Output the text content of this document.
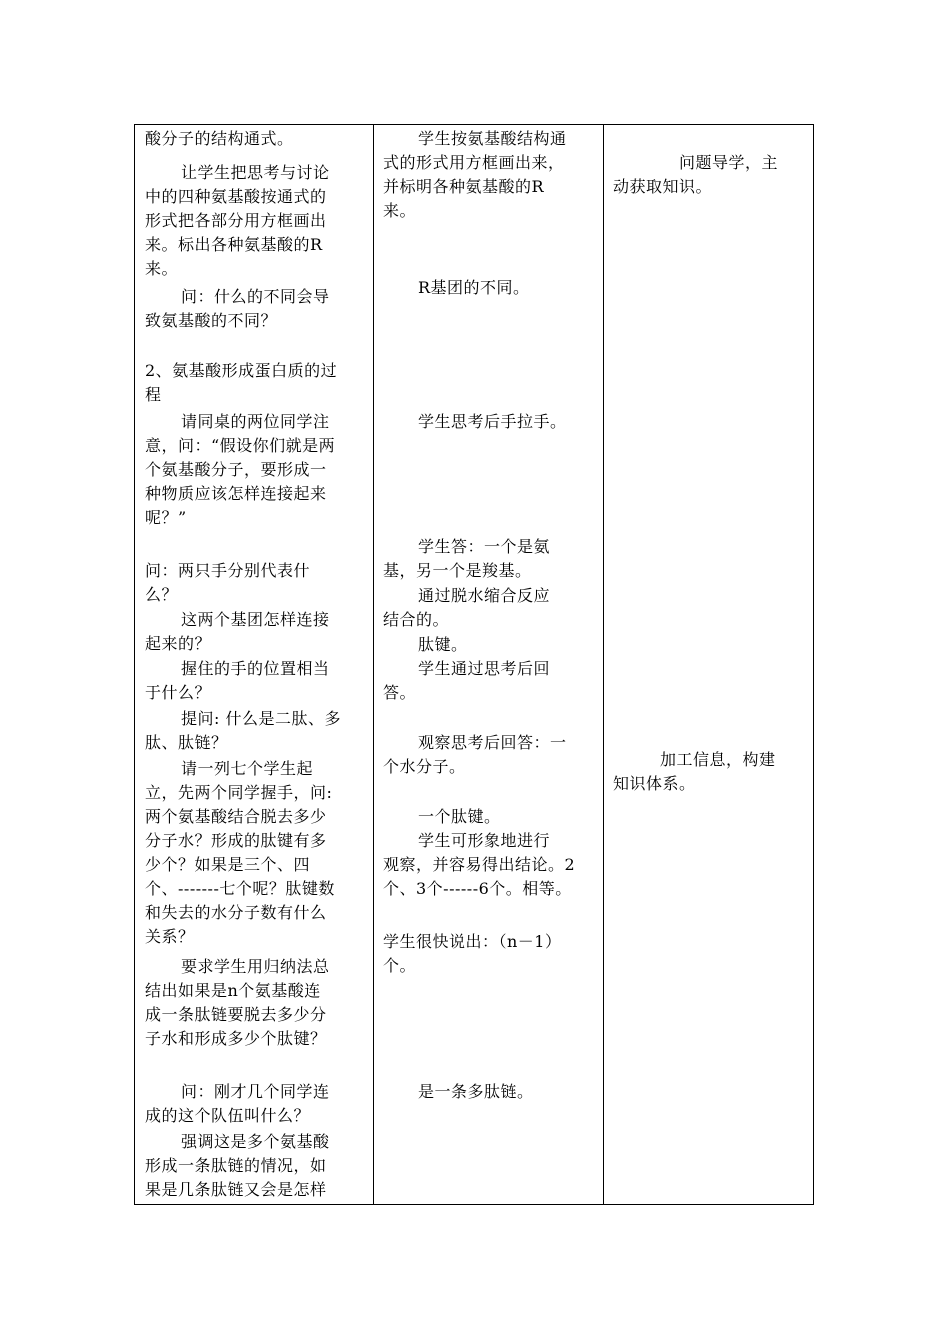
酸分子的结构通式。
让学生把思考与讨论
中的四种氨基酸按通式的
形式把各部分用方框画出
来。标出各种氨基酸的R
来。
问：什么的不同会导
致氨基酸的不同？
2、氨基酸形成蛋白质的过
程
请同桌的两位同学注
意，问：“假设你们就是两
个氨基酸分子，要形成一
种物质应该怎样连接起来
呢？”
问：两只手分别代表什
么？
这两个基团怎样连接
起来的？
握住的手的位置相当
于什么？
提问: 什么是二肽、多
肽、肽链？
请一列七个学生起
立，先两个同学握手，问:
两个氨基酸结合脱去多少
分子水？形成的肽键有多
少个？如果是三个、四
个、-------七个呢？肽键数
和失去的水分子数有什么
关系？
要求学生用归纳法总
结出如果是n个氨基酸连
成一条肽链要脱去多少分
子水和形成多少个肽键？
问：刚才几个同学连
成的这个队伍叫什么？
强调这是多个氨基酸
形成一条肽链的情况，如
果是几条肽链又会是怎样
学生按氨基酸结构通
式的形式用方框画出来，
并标明各种氨基酸的R
来。
R基团的不同。
学生思考后手拉手。
学生答：一个是氨
基，另一个是羧基。
通过脱水缩合反应
结合的。
肽键。
学生通过思考后回
答。
观察思考后回答：一
个水分子。
一个肽键。
学生可形象地进行
观察，并容易得出结论。2
个、3个------6个。相等。
学生很快说出：（n－1）
个。
是一条多肽链。
问题导学，主
动获取知识。
加工信息，构建
知识体系。
